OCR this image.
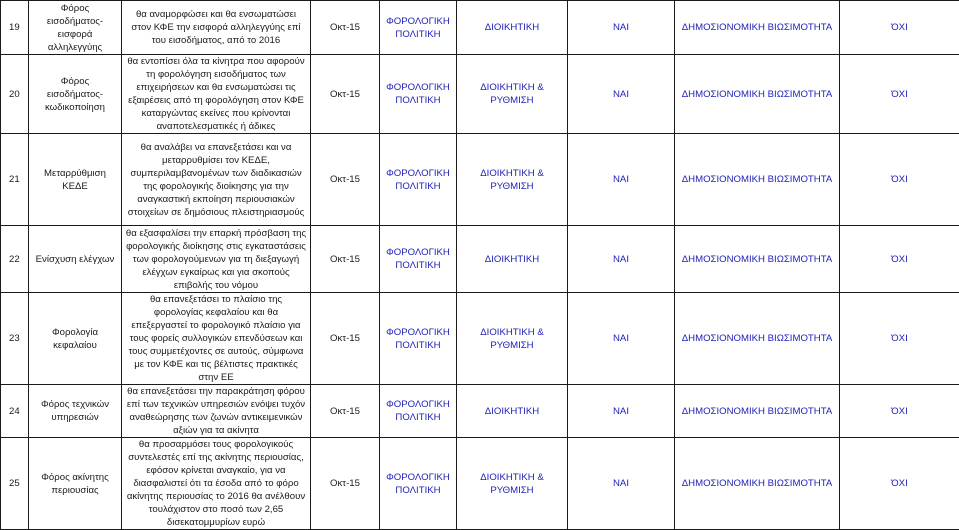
19	Φόρος εισοδήματος-εισφορά αλληλεγγύης	θα αναμορφώσει και θα ενσωματώσει στον ΚΦΕ την εισφορά αλληλεγγύης επί του εισοδήματος, από το 2016	Οκτ-15	ΦΟΡΟΛΟΓΙΚΗ ΠΟΛΙΤΙΚΗ	ΔΙΟΙΚΗΤΙΚΗ	ΝΑΙ	ΔΗΜΟΣΙΟΝΟΜΙΚΗ ΒΙΩΣΙΜΟΤΗΤΑ	ΌΧΙ
20	Φόρος εισοδήματος-κωδικοποίηση	θα εντοπίσει όλα τα κίνητρα που αφορούν τη φορολόγηση εισοδήματος των επιχειρήσεων και θα ενσωματώσει τις εξαιρέσεις από τη φορολόγηση στον ΚΦΕ καταργώντας εκείνες που κρίνονται αναποτελεσματικές ή άδικες	Οκτ-15	ΦΟΡΟΛΟΓΙΚΗ ΠΟΛΙΤΙΚΗ	ΔΙΟΙΚΗΤΙΚΗ & ΡΥΘΜΙΣΗ	ΝΑΙ	ΔΗΜΟΣΙΟΝΟΜΙΚΗ ΒΙΩΣΙΜΟΤΗΤΑ	ΌΧΙ
21	Μεταρρύθμιση ΚΕΔΕ	θα αναλάβει να επανεξετάσει και να μεταρρυθμίσει τον ΚΕΔΕ, συμπεριλαμβανομένων των διαδικασιών της φορολογικής διοίκησης για την αναγκαστική εκποίηση περιουσιακών στοιχείων σε δημόσιους πλειστηριασμούς	Οκτ-15	ΦΟΡΟΛΟΓΙΚΗ ΠΟΛΙΤΙΚΗ	ΔΙΟΙΚΗΤΙΚΗ & ΡΥΘΜΙΣΗ	ΝΑΙ	ΔΗΜΟΣΙΟΝΟΜΙΚΗ ΒΙΩΣΙΜΟΤΗΤΑ	ΌΧΙ
22	Ενίσχυση ελέγχων	θα εξασφαλίσει την επαρκή πρόσβαση της φορολογικής διοίκησης στις εγκαταστάσεις των φορολογούμενων για τη διεξαγωγή ελέγχων εγκαίρως και για σκοπούς επιβολής του νόμου	Οκτ-15	ΦΟΡΟΛΟΓΙΚΗ ΠΟΛΙΤΙΚΗ	ΔΙΟΙΚΗΤΙΚΗ	ΝΑΙ	ΔΗΜΟΣΙΟΝΟΜΙΚΗ ΒΙΩΣΙΜΟΤΗΤΑ	ΌΧΙ
23	Φορολογία κεφαλαίου	θα επανεξετάσει το πλαίσιο της φορολογίας κεφαλαίου και θα επεξεργαστεί το φορολογικό πλαίσιο για τους φορείς συλλογικών επενδύσεων και τους συμμετέχοντες σε αυτούς, σύμφωνα με τον ΚΦΕ και τις βέλτιστες πρακτικές στην ΕΕ	Οκτ-15	ΦΟΡΟΛΟΓΙΚΗ ΠΟΛΙΤΙΚΗ	ΔΙΟΙΚΗΤΙΚΗ & ΡΥΘΜΙΣΗ	ΝΑΙ	ΔΗΜΟΣΙΟΝΟΜΙΚΗ ΒΙΩΣΙΜΟΤΗΤΑ	ΌΧΙ
24	Φόρος τεχνικών υπηρεσιών	θα επανεξετάσει την παρακράτηση φόρου επί των τεχνικών υπηρεσιών ενόψει τυχόν αναθεώρησης των ζωνών αντικειμενικών αξιών για τα ακίνητα	Οκτ-15	ΦΟΡΟΛΟΓΙΚΗ ΠΟΛΙΤΙΚΗ	ΔΙΟΙΚΗΤΙΚΗ	ΝΑΙ	ΔΗΜΟΣΙΟΝΟΜΙΚΗ ΒΙΩΣΙΜΟΤΗΤΑ	ΌΧΙ
25	Φόρος ακίνητης περιουσίας	θα προσαρμόσει τους φορολογικούς συντελεστές επί της ακίνητης περιουσίας, εφόσον κρίνεται αναγκαίο, για να διασφαλιστεί ότι τα έσοδα από το φόρο ακίνητης περιουσίας το 2016 θα ανέλθουν τουλάχιστον στο ποσό των 2,65 δισεκατομμυρίων ευρώ	Οκτ-15	ΦΟΡΟΛΟΓΙΚΗ ΠΟΛΙΤΙΚΗ	ΔΙΟΙΚΗΤΙΚΗ & ΡΥΘΜΙΣΗ	ΝΑΙ	ΔΗΜΟΣΙΟΝΟΜΙΚΗ ΒΙΩΣΙΜΟΤΗΤΑ	ΌΧΙ
